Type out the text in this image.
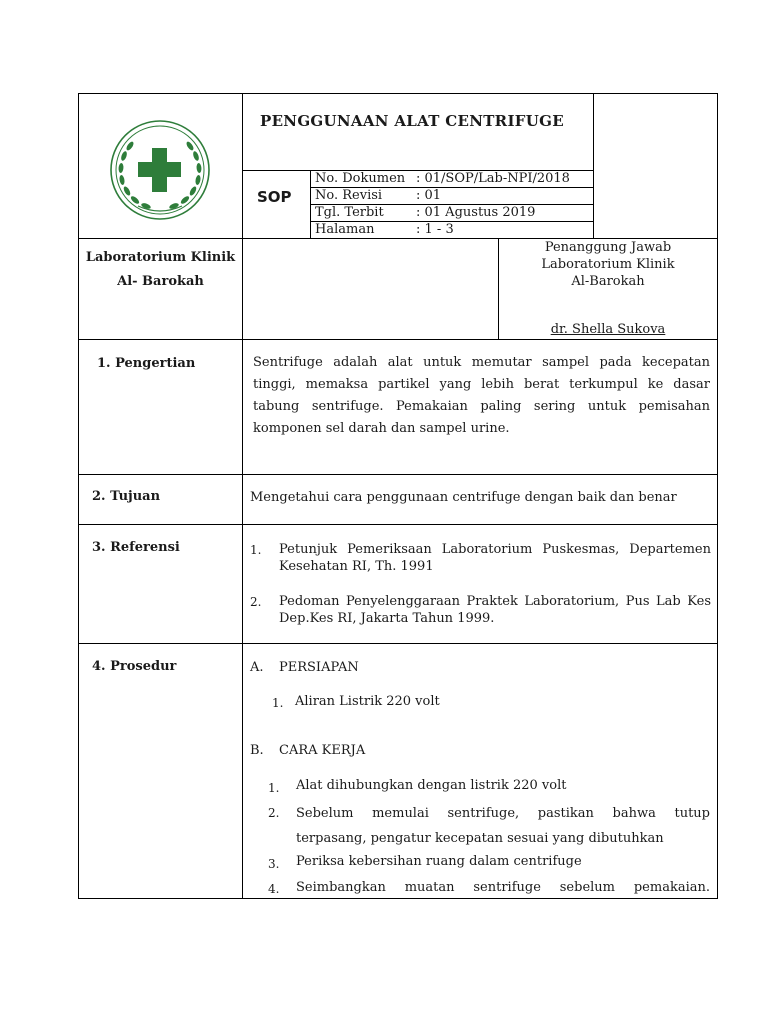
PENGGUNAAN ALAT CENTRIFUGE
SOP
No. Dokumen : 01/SOP/Lab-NPI/2018
No. Revisi	: 01
Tgl. Terbit : 01 Agustus 2019
Halaman	: 1 - 3
Laboratorium Klinik
Al- Barokah
Penanggung Jawab
Laboratorium Klinik
Al-Barokah
dr. Shella Sukova
1. Pengertian	Sentrifuge adalah alat untuk memutar sampel pada kecepatan tinggi, memaksa partikel yang lebih berat terkumpul ke dasar tabung sentrifuge. Pemakaian paling sering untuk pemisahan komponen sel darah dan sampel urine.
2. Tujuan	Mengetahui cara penggunaan centrifuge dengan baik dan benar
3. Referensi	1. Petunjuk Pemeriksaan Laboratorium Puskesmas, Departemen Kesehatan RI, Th. 1991
2. Pedoman Penyelenggaraan Praktek Laboratorium, Pus Lab Kes Dep.Kes RI, Jakarta Tahun 1999.
4. Prosedur	A. PERSIAPAN
1. Aliran Listrik 220 volt
B. CARA KERJA
1. Alat dihubungkan dengan listrik 220 volt
2. Sebelum memulai sentrifuge, pastikan bahwa tutup terpasang, pengatur kecepatan sesuai yang dibutuhkan
3. Periksa kebersihan ruang dalam centrifuge
4. Seimbangkan muatan sentrifuge sebelum pemakaian.
